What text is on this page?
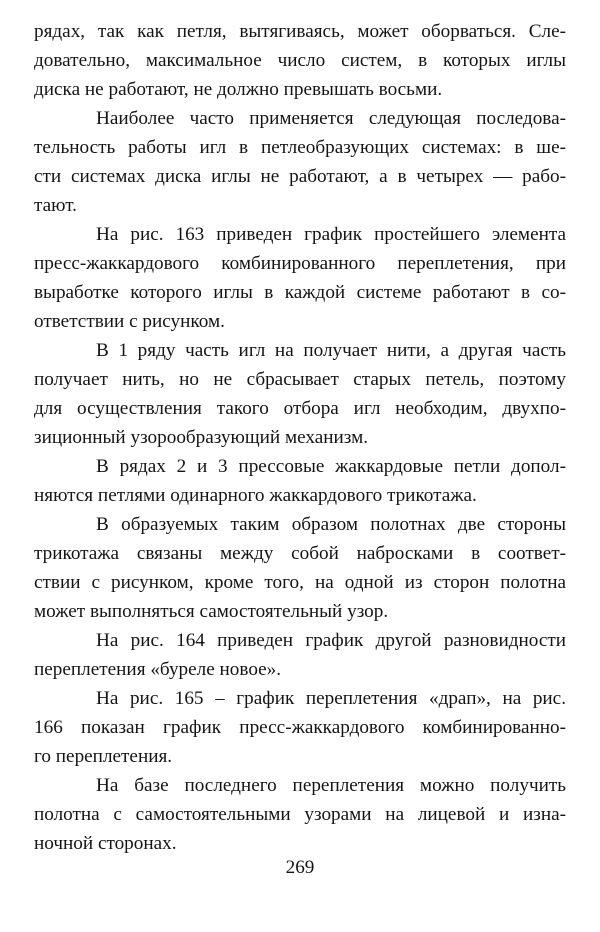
рядах, так как петля, вытягиваясь, может оборваться. Сле-
довательно, максимальное число систем, в которых иглы
диска не работают, не должно превышать восьми.
Наиболее часто применяется следующая последова-
тельность работы игл в петлеобразующих системах: в ше-
сти системах диска иглы не работают, а в четырех — рабо-
тают.
На рис. 163 приведен график простейшего элемента
пресс-жаккардового комбинированного переплетения, при
выработке которого иглы в каждой системе работают в со-
ответствии с рисунком.
В 1 ряду часть игл на получает нити, а другая часть
получает нить, но не сбрасывает старых петель, поэтому
для осуществления такого отбора игл необходим, двухпо-
зиционный узорообразующий механизм.
В рядах 2 и 3 прессовые жаккардовые петли допол-
няются петлями одинарного жаккардового трикотажа.
В образуемых таким образом полотнах две стороны
трикотажа связаны между собой набросками в соответ-
ствии с рисунком, кроме того, на одной из сторон полотна
может выполняться самостоятельный узор.
На рис. 164 приведен график другой разновидности
переплетения «буреле новое».
На рис. 165 – график переплетения «драп», на рис.
166 показан график пресс-жаккардового комбинированно-
го переплетения.
На базе последнего переплетения можно получить
полотна с самостоятельными узорами на лицевой и изна-
ночной сторонах.
269
